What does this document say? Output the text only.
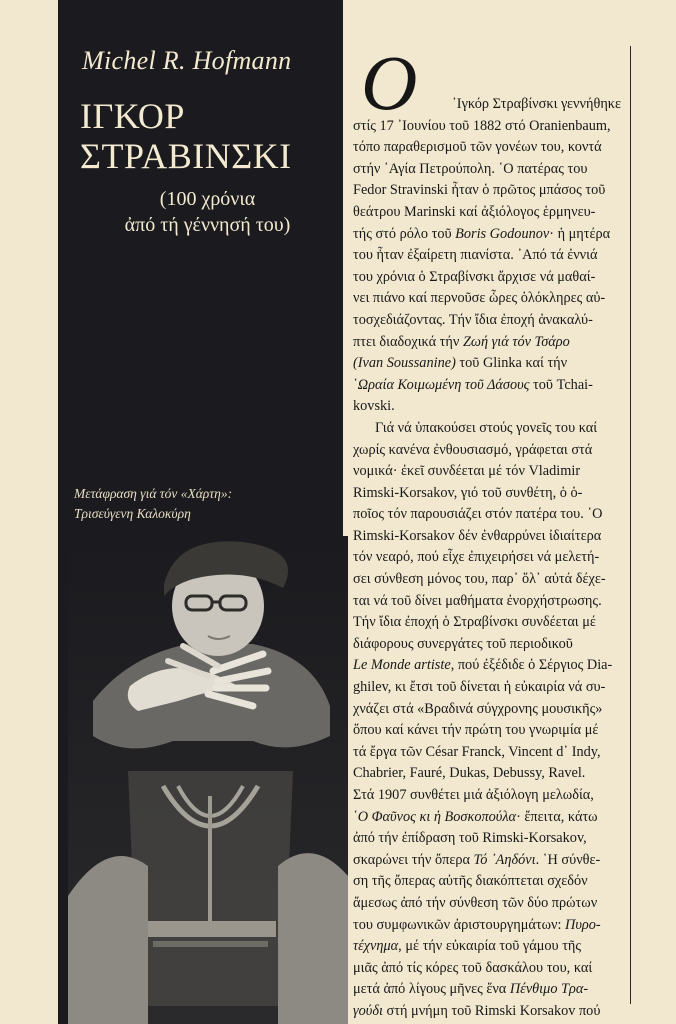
Michel R. Hofmann
ΙΓΚΟΡ
ΣΤΡΑΒΙΝΣΚΙ
(100 χρόνια
ἀπό τή γέννησή του)
Μετάφραση γιά τόν «Χάρτη»:
Τρισεύγενη Καλοκύρη
Ο	᾽Ιγκόρ Στραβίνσκι γεννήθηκε
στίς 17 ᾽Ιουνίου τοῦ 1882 στό Oranienbaum,
τόπο παραθερισμοῦ τῶν γονέων του, κοντά
στήν ῾Αγία Πετρούπολη. ῾Ο πατέρας του
Fedor Stravinski ἦταν ὁ πρῶτος μπάσος τοῦ
θεάτρου Marinski καί ἀξιόλογος ἑρμηνευ-
τής στό ρόλο τοῦ Boris Godounov· ἡ μητέρα
του ἦταν ἐξαίρετη πιανίστα. ᾽Από τά ἐννιά
του χρόνια ὁ Στραβίνσκι ἄρχισε νά μαθαί-
νει πιάνο καί περνοῦσε ὧρες ὁλόκληρες αὐ-
τοσχεδιάζοντας. Τήν ἴδια ἐποχή ἀνακαλύ-
πτει διαδοχικά τήν Ζωή γιά τόν Τσάρο
(Ivan Soussanine) τοῦ Glinka καί τήν
῾Ωραία Κοιμωμένη τοῦ Δάσους τοῦ Tchai-
kovski.

Γιά νά ὑπακούσει στούς γονεῖς του καί
χωρίς κανένα ἐνθουσιασμό, γράφεται στά
νομικά· ἐκεῖ συνδέεται μέ τόν Vladimir
Rimski-Korsakov, γιό τοῦ συνθέτη, ὁ ὁ-
ποῖος τόν παρουσιάζει στόν πατέρα του. ῾Ο
Rimski-Korsakov δέν ἐνθαρρύνει ἰδιαίτερα
τόν νεαρό, πού εἶχε ἐπιχειρήσει νά μελετή-
σει σύνθεση μόνος του, παρ᾽ ὅλ᾽ αὐτά δέχε-
ται νά τοῦ δίνει μαθήματα ἐνορχήστρωσης.
Τήν ἴδια ἐποχή ὁ Στραβίνσκι συνδέεται μέ
διάφορους συνεργάτες τοῦ περιοδικοῦ
Le Monde artiste, πού ἐξέδιδε ὁ Σέργιος Dia-
ghilev, κι ἔτσι τοῦ δίνεται ἡ εὐκαιρία νά συ-
χνάζει στά «Βραδινά σύγχρονης μουσικῆς»
ὅπου καί κάνει τήν πρώτη του γνωριμία μέ
τά ἔργα τῶν César Franck, Vincent d᾽ Indy,
Chabrier, Fauré, Dukas, Debussy, Ravel.
Στά 1907 συνθέτει μιά ἀξιόλογη μελωδία,
῾Ο Φαῦνος κι ἡ Βοσκοπούλα· ἔπειτα, κάτω
ἀπό τήν ἐπίδραση τοῦ Rimski-Korsakov,
σκαρώνει τήν ὄπερα Τό ᾽Αηδόνι. ῾Η σύνθε-
ση τῆς ὄπερας αὐτῆς διακόπτεται σχεδόν
ἄμεσως ἀπό τήν σύνθεση τῶν δύο πρώτων
του συμφωνικῶν ἀριστουργημάτων: Πυρο-
τέχνημα, μέ τήν εὐκαιρία τοῦ γάμου τῆς
μιᾶς ἀπό τίς κόρες τοῦ δασκάλου του, καί
μετά ἀπό λίγους μῆνες ἕνα Πένθιμο Τρα-
γούδι στή μνήμη τοῦ Rimski Korsakov πού
